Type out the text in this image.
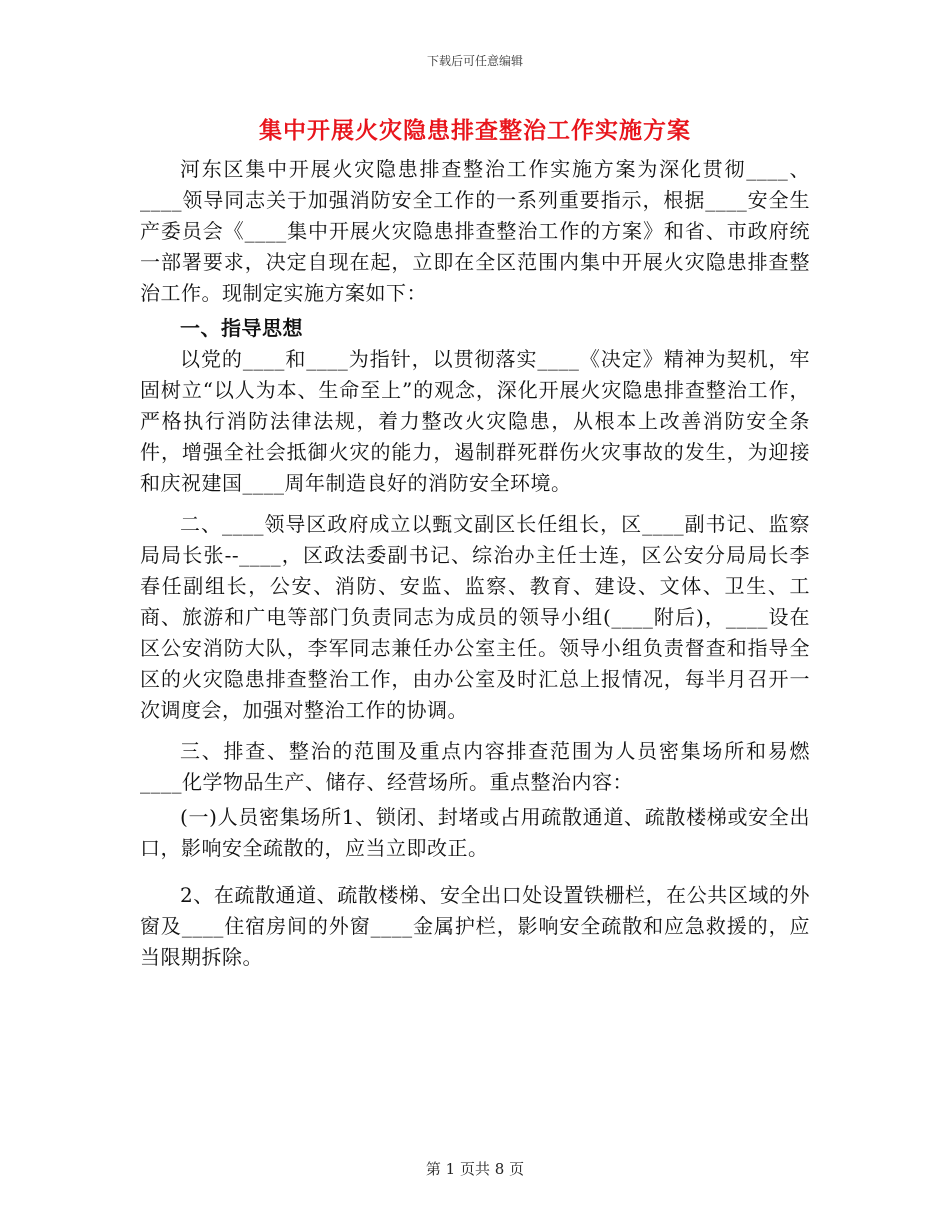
下载后可任意编辑
集中开展火灾隐患排查整治工作实施方案

河东区集中开展火灾隐患排查整治工作实施方案为深化贯彻____、____领导同志关于加强消防安全工作的一系列重要指示，根据____安全生产委员会《____集中开展火灾隐患排查整治工作的方案》和省、市政府统一部署要求，决定自现在起，立即在全区范围内集中开展火灾隐患排查整治工作。现制定实施方案如下：

一、指导思想

以党的____和____为指针，以贯彻落实____《决定》精神为契机，牢固树立“以人为本、生命至上”的观念，深化开展火灾隐患排查整治工作，严格执行消防法律法规，着力整改火灾隐患，从根本上改善消防安全条件，增强全社会抵御火灾的能力，遏制群死群伤火灾事故的发生，为迎接和庆祝建国____周年制造良好的消防安全环境。

二、____领导区政府成立以甄文副区长任组长，区____副书记、监察局局长张--____，区政法委副书记、综治办主任士连，区公安分局局长李春任副组长，公安、消防、安监、监察、教育、建设、文体、卫生、工商、旅游和广电等部门负责同志为成员的领导小组(____附后)，____设在区公安消防大队，李军同志兼任办公室主任。领导小组负责督查和指导全区的火灾隐患排查整治工作，由办公室及时汇总上报情况，每半月召开一次调度会，加强对整治工作的协调。

三、排查、整治的范围及重点内容排查范围为人员密集场所和易燃____化学物品生产、储存、经营场所。重点整治内容：

(一)人员密集场所1、锁闭、封堵或占用疏散通道、疏散楼梯或安全出口，影响安全疏散的，应当立即改正。

2、在疏散通道、疏散楼梯、安全出口处设置铁栅栏，在公共区域的外窗及____住宿房间的外窗____金属护栏，影响安全疏散和应急救援的，应当限期拆除。

第 1 页共 8 页
